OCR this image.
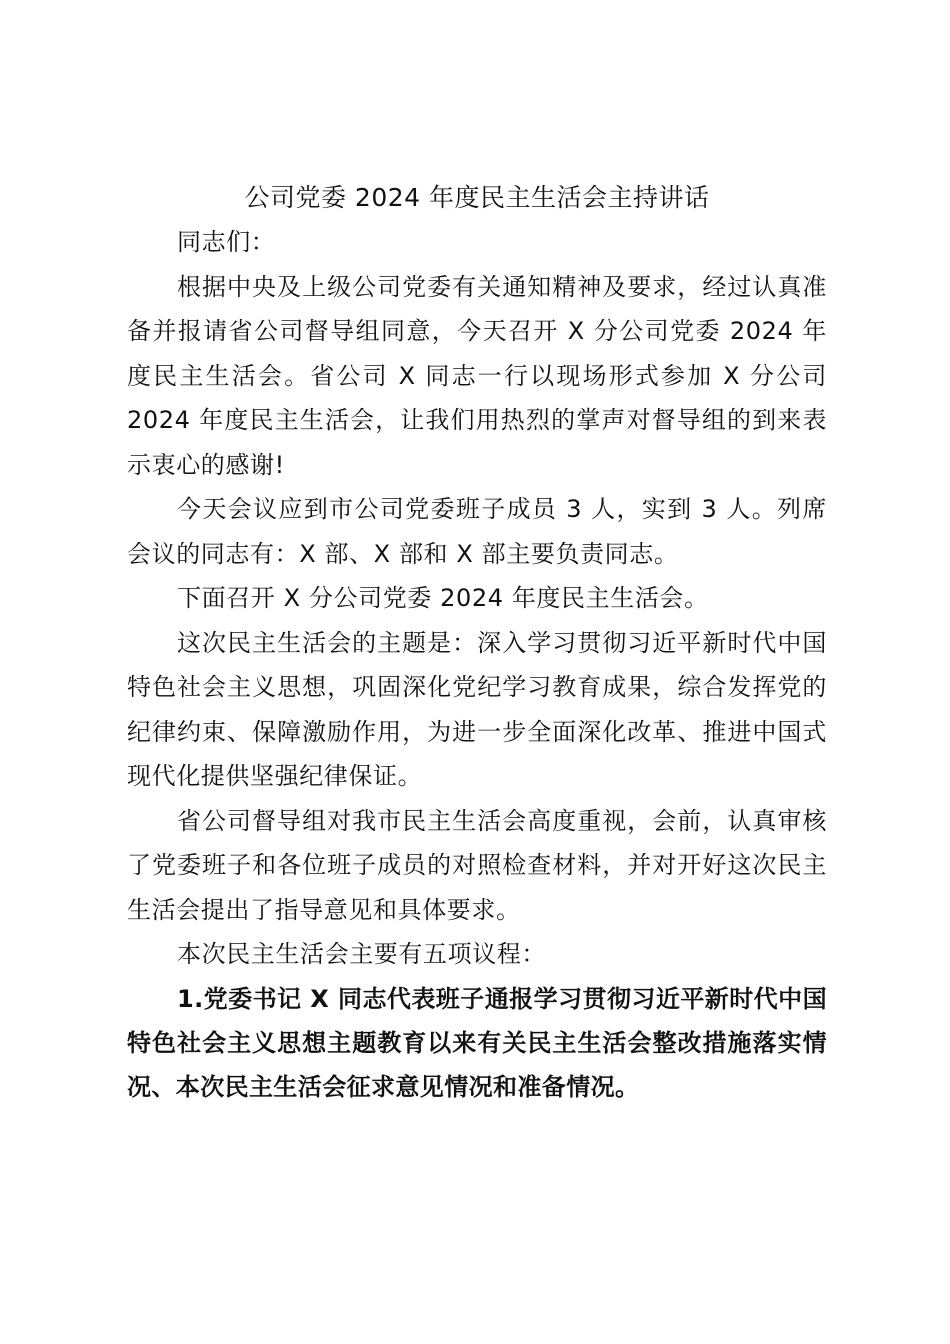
公司党委 2024 年度民主生活会主持讲话

同志们：

根据中央及上级公司党委有关通知精神及要求，经过认真准备并报请省公司督导组同意，今天召开 X 分公司党委 2024 年度民主生活会。省公司 X 同志一行以现场形式参加 X 分公司 2024 年度民主生活会，让我们用热烈的掌声对督导组的到来表示衷心的感谢!

今天会议应到市公司党委班子成员 3 人，实到 3 人。列席会议的同志有：X 部、X 部和 X 部主要负责同志。

下面召开 X 分公司党委 2024 年度民主生活会。

这次民主生活会的主题是：深入学习贯彻习近平新时代中国特色社会主义思想，巩固深化党纪学习教育成果，综合发挥党的纪律约束、保障激励作用，为进一步全面深化改革、推进中国式现代化提供坚强纪律保证。

省公司督导组对我市民主生活会高度重视，会前，认真审核了党委班子和各位班子成员的对照检查材料，并对开好这次民主生活会提出了指导意见和具体要求。

本次民主生活会主要有五项议程：

1.党委书记 X 同志代表班子通报学习贯彻习近平新时代中国特色社会主义思想主题教育以来有关民主生活会整改措施落实情况、本次民主生活会征求意见情况和准备情况。
